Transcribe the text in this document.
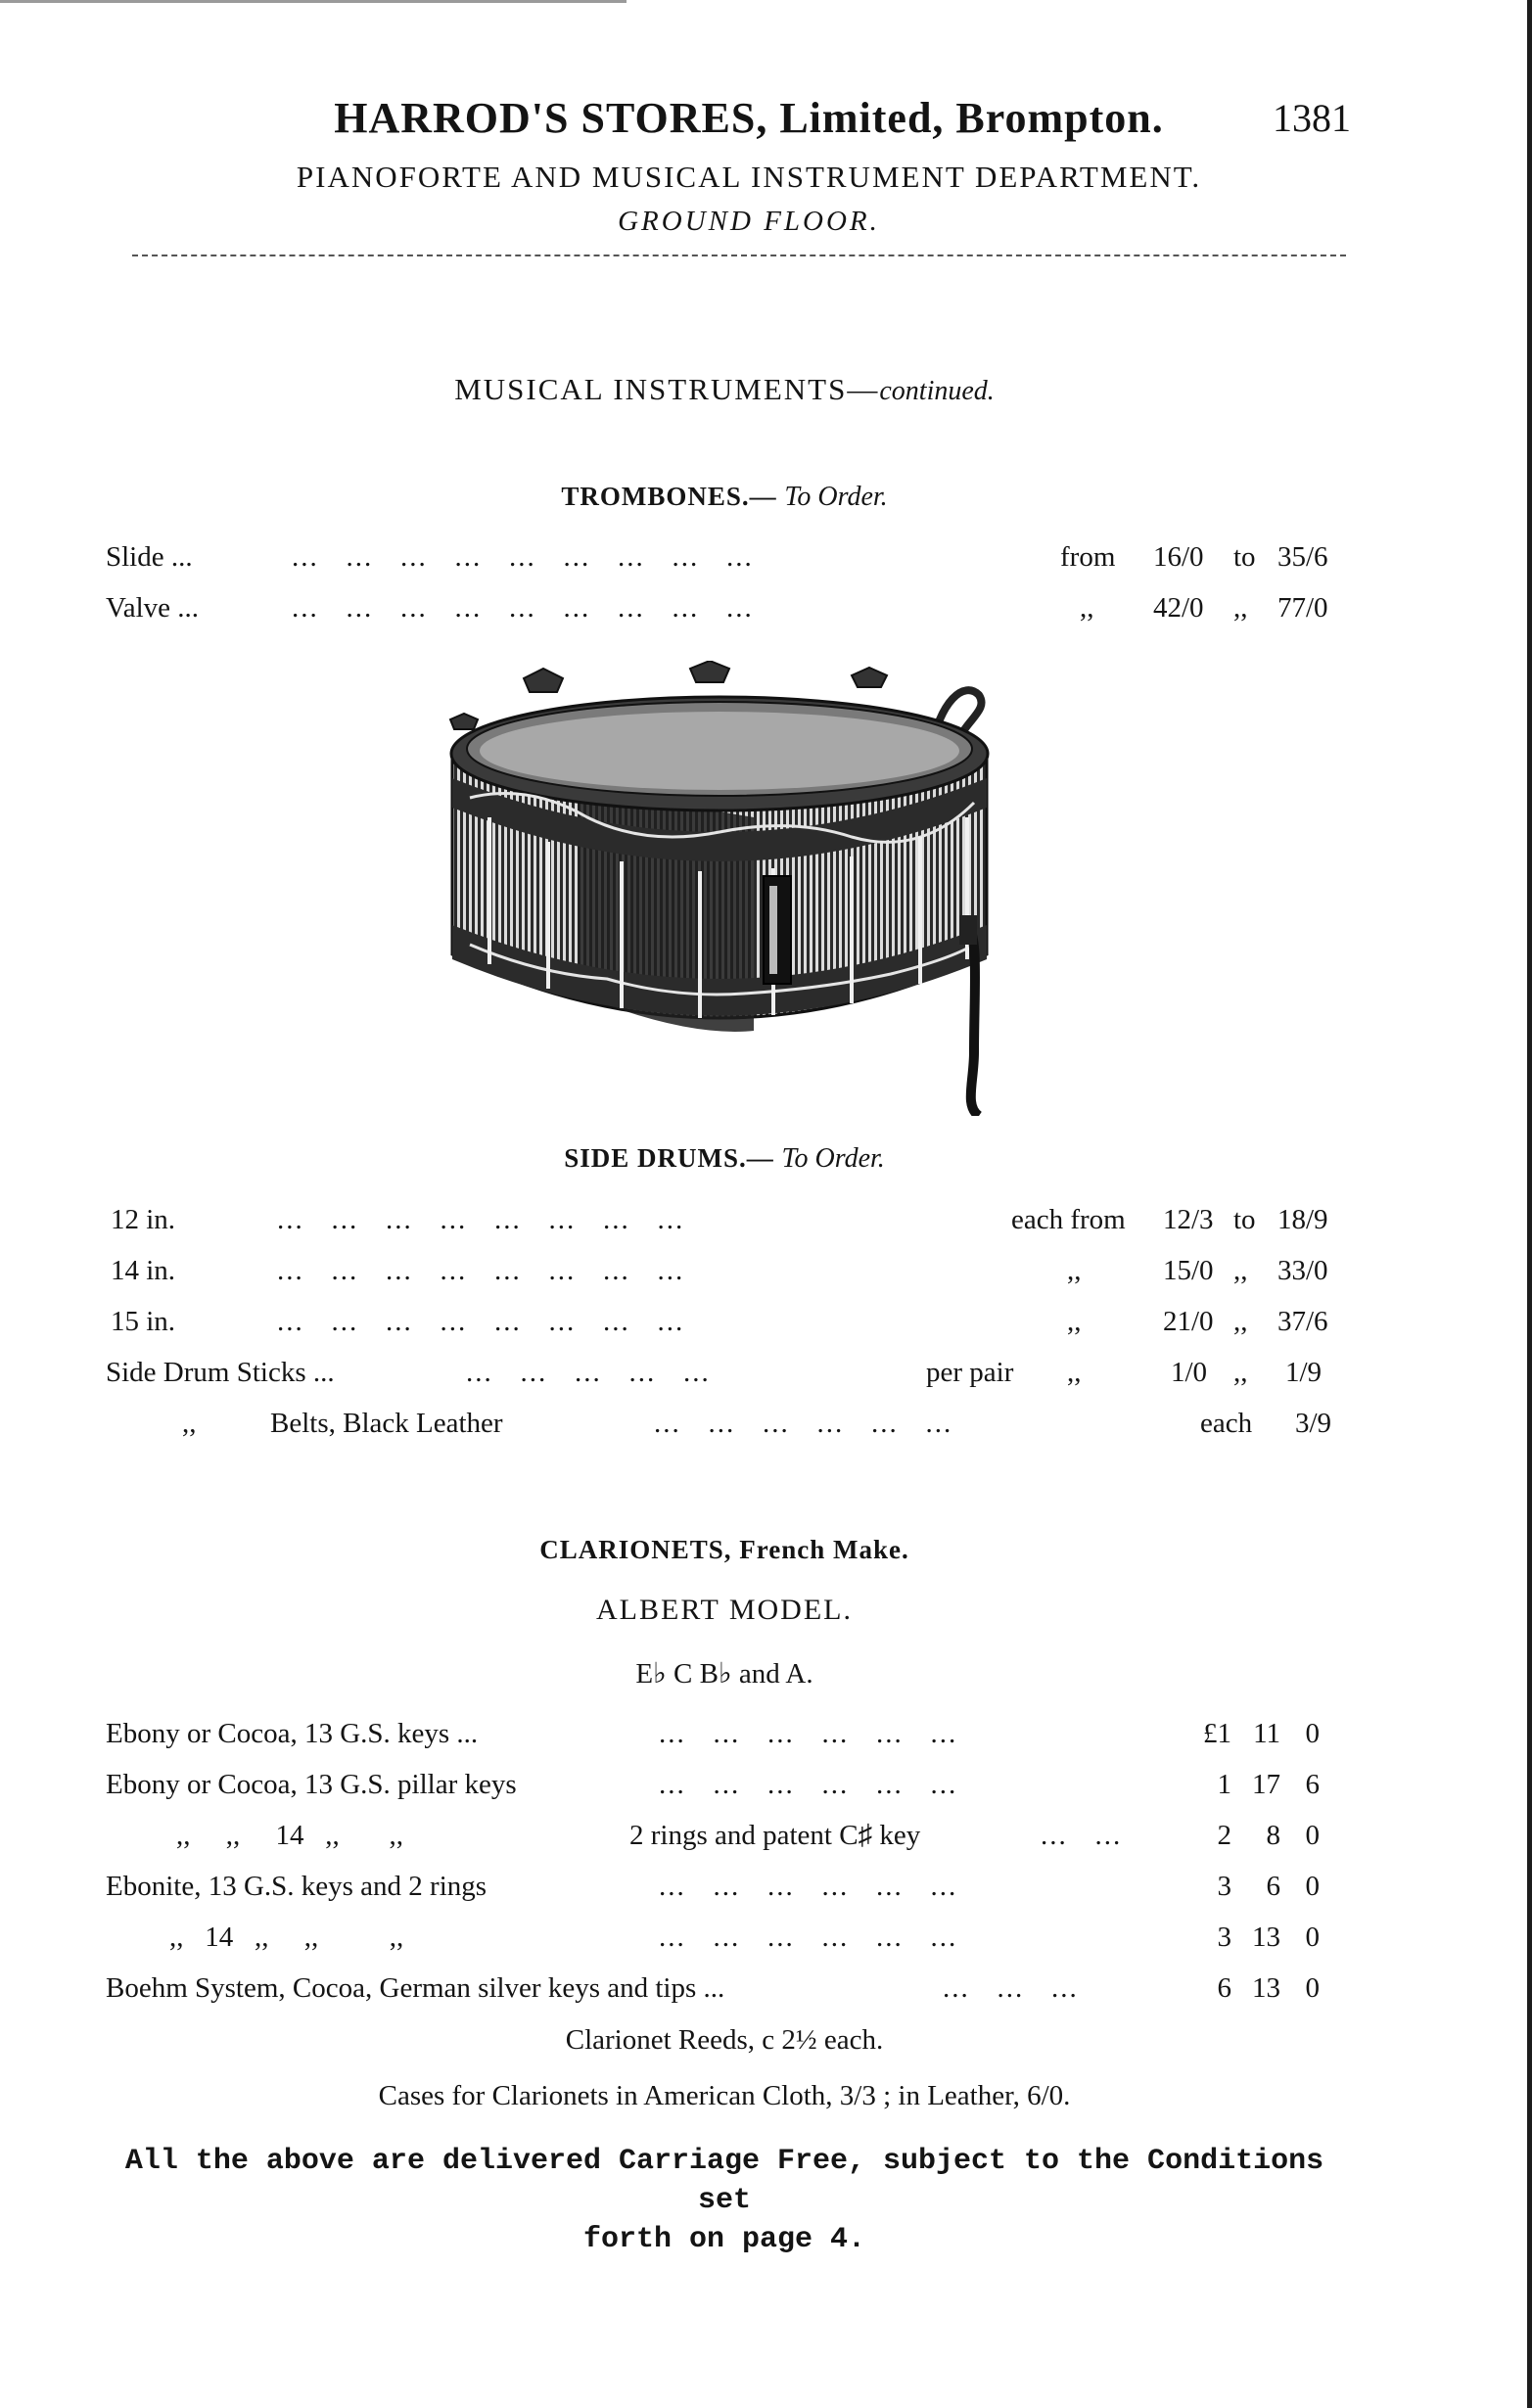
HARROD'S STORES, Limited, Brompton.	1381
PIANOFORTE AND MUSICAL INSTRUMENT DEPARTMENT.
GROUND FLOOR.
MUSICAL INSTRUMENTS—continued.
TROMBONES.— To Order.
Slide ...	...   ...   ...   ...   ...   ...   ...   ...   ...	from 16/0 to 35/6
Valve ...	...   ...   ...   ...   ...   ...   ...   ...   ...	,, 42/0 ,, 77/0
SIDE DRUMS.— To Order.
12 in.	...   ...   ...   ...   ...   ...   ...   ...	each from 12/3 to 18/9
14 in.	...   ...   ...   ...   ...   ...   ...   ...	,,	15/0 ,, 33/0
15 in.	...   ...   ...   ...   ...   ...   ...   ...	,,	21/0 ,, 37/6
Side Drum Sticks ...	...   ...   ...   ...   ...	per pair ,,	1/0 ,, 1/9
,,	Belts, Black Leather	...   ...   ...   ...   ...   ...	each 3/9
CLARIONETS, French Make.
ALBERT MODEL.
E♭ C B♭ and A.
Ebony or Cocoa, 13 G.S. keys ...	...   ...   ...   ...   ...   ...	£1 11 0
Ebony or Cocoa, 13 G.S. pillar keys	...   ...   ...   ...   ...   ...	1 17 6
,,     ,,     14   ,,       ,,	2 rings and patent C♯ key	...   ...	2	8 0
Ebonite, 13 G.S. keys and 2 rings	...   ...   ...   ...   ...   ...	3	6 0
,,   14   ,,     ,,          ,,	...   ...   ...   ...   ...   ...	3 13 0
Boehm System, Cocoa, German silver keys and tips ...	...   ...   ...	6 13 0
Clarionet Reeds, c 2½ each.
Cases for Clarionets in American Cloth, 3/3 ; in Leather, 6/0.
All the above are delivered Carriage Free, subject to the Conditions set
forth on page 4.
